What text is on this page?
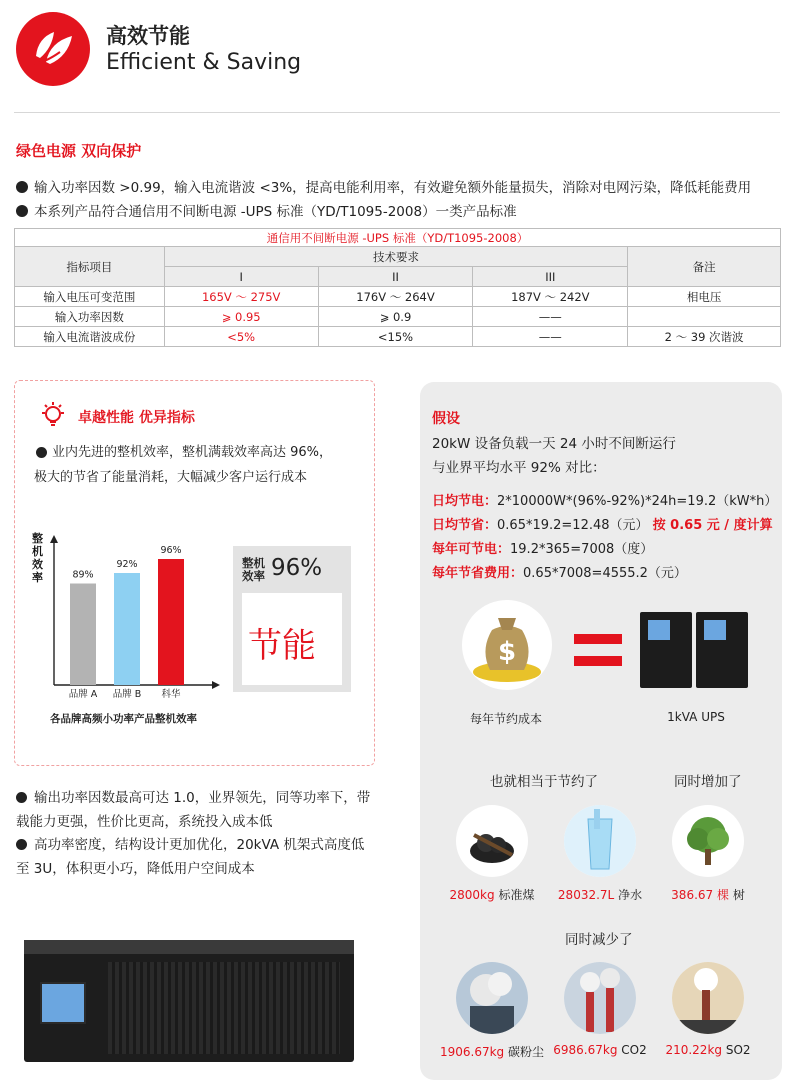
高效节能
Efficient & Saving
绿色电源 双向保护
输入功率因数 >0.99，输入电流谐波 <3%，提高电能利用率，有效避免额外能量损失，消除对电网污染，降低耗能费用
本系列产品符合通信用不间断电源 -UPS 标准（YD/T1095-2008）一类产品标准
通信用不间断电源 -UPS 标准（YD/T1095-2008）				
指标项目	技术要求			备注
	I	II	III	
输入电压可变范围	165V ～ 275V	176V ～ 264V	187V ～ 242V	相电压
输入功率因数	⩾ 0.95	⩾ 0.9	——	
输入电流谐波成份	<5%	<15%	——	2 ～ 39 次谐波
卓越性能 优异指标
业内先进的整机效率，整机满载效率高达 96%，
极大的节省了能量消耗，大幅减少客户运行成本
整机效率	89%
品牌 A
92%
品牌 B
96%
科华
各品牌高频小功率产品整机效率
整机效率 96%
节能
输出功率因数最高可达 1.0，业界领先，同等功率下，带
载能力更强，性价比更高，系统投入成本低
高功率密度，结构设计更加优化，20kVA 机架式高度低
至 3U，体积更小巧，降低用户空间成本
假设
20kW 设备负载一天 24 小时不间断运行
与业界平均水平 92% 对比：
日均节电：2*10000W*(96%-92%)*24h=19.2（kW*h）
日均节省：0.65*19.2=12.48（元） 按 0.65 元 / 度计算
每年可节电：19.2*365=7008（度）
每年节省费用：0.65*7008=4555.2（元）
$
每年节约成本	1kVA UPS
也就相当于节约了	同时增加了
2800kg 标准煤	28032.7L 净水	386.67 棵 树
同时减少了
1906.67kg 碳粉尘 6986.67kg CO2	210.22kg SO2
